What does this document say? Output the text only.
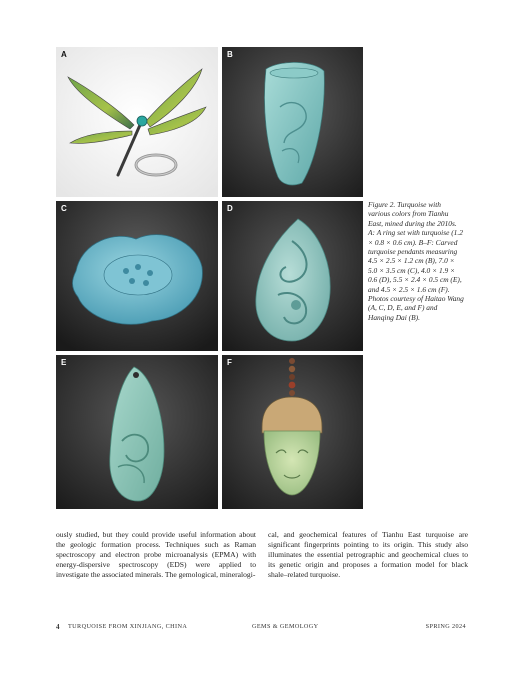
A	B
C	D
E	F

Figure 2. Turquoise with various colors from Tianhu East, mined during the 2010s. A: A ring set with turquoise (1.2 × 0.8 × 0.6 cm). B–F: Carved turquoise pendants measuring 4.5 × 2.5 × 1.2 cm (B), 7.0 × 5.0 × 3.5 cm (C), 4.0 × 1.9 × 0.6 (D), 5.5 × 2.4 × 0.5 cm (E), and 4.5 × 2.5 × 1.6 cm (F). Photos courtesy of Haitao Wang (A, C, D, E, and F) and Hanqing Dai (B).

ously studied, but they could provide useful information about the geologic formation process. Techniques such as Raman spectroscopy and electron probe microanalysis (EPMA) with energy-dispersive spectroscopy (EDS) were applied to investigate the associated minerals. The gemological, mineralogi-

cal, and geochemical features of Tianhu East turquoise are significant fingerprints pointing to its origin. This study also illuminates the essential petrographic and geochemical clues to its genetic origin and proposes a formation model for black shale–related turquoise.

4 TURQUOISE FROM XINJIANG, CHINA	GEMS & GEMOLOGY	SPRING 2024
